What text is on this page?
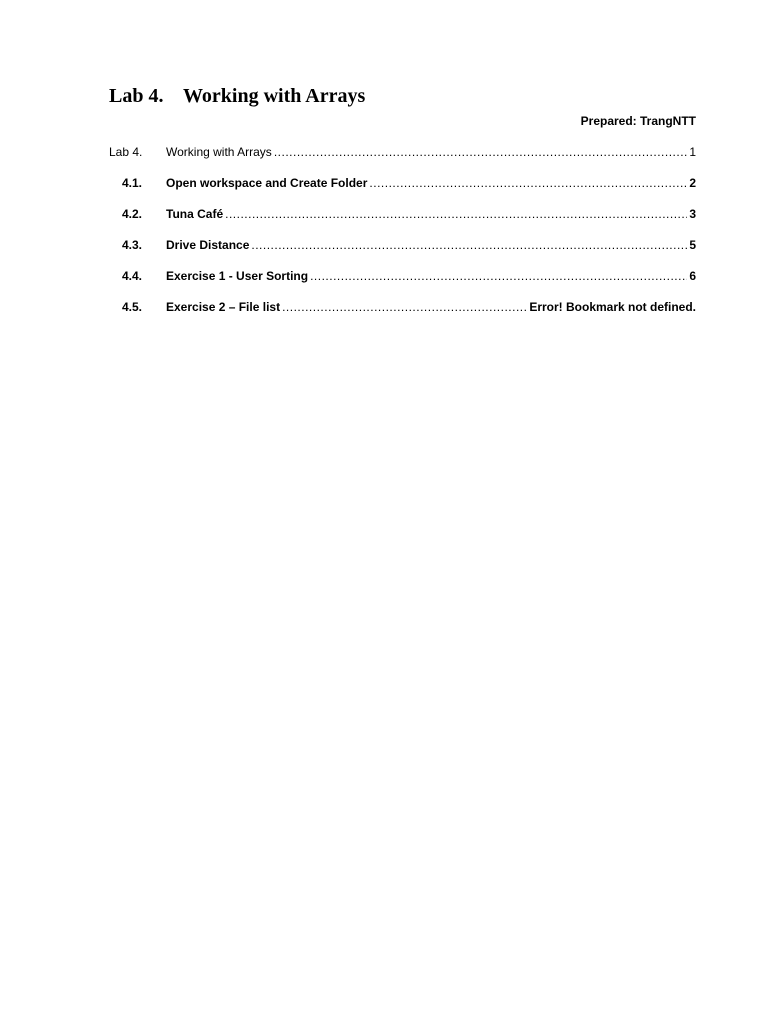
Lab 4. Working with Arrays
Prepared: TrangNTT
Lab 4.	Working with Arrays .....	1
4.1.	Open workspace and Create Folder .....	2
4.2.	Tuna Café .....	3
4.3.	Drive Distance .....	5
4.4.	Exercise 1 - User Sorting .....	6
4.5.	Exercise 2 – File list .....	Error! Bookmark not defined.
